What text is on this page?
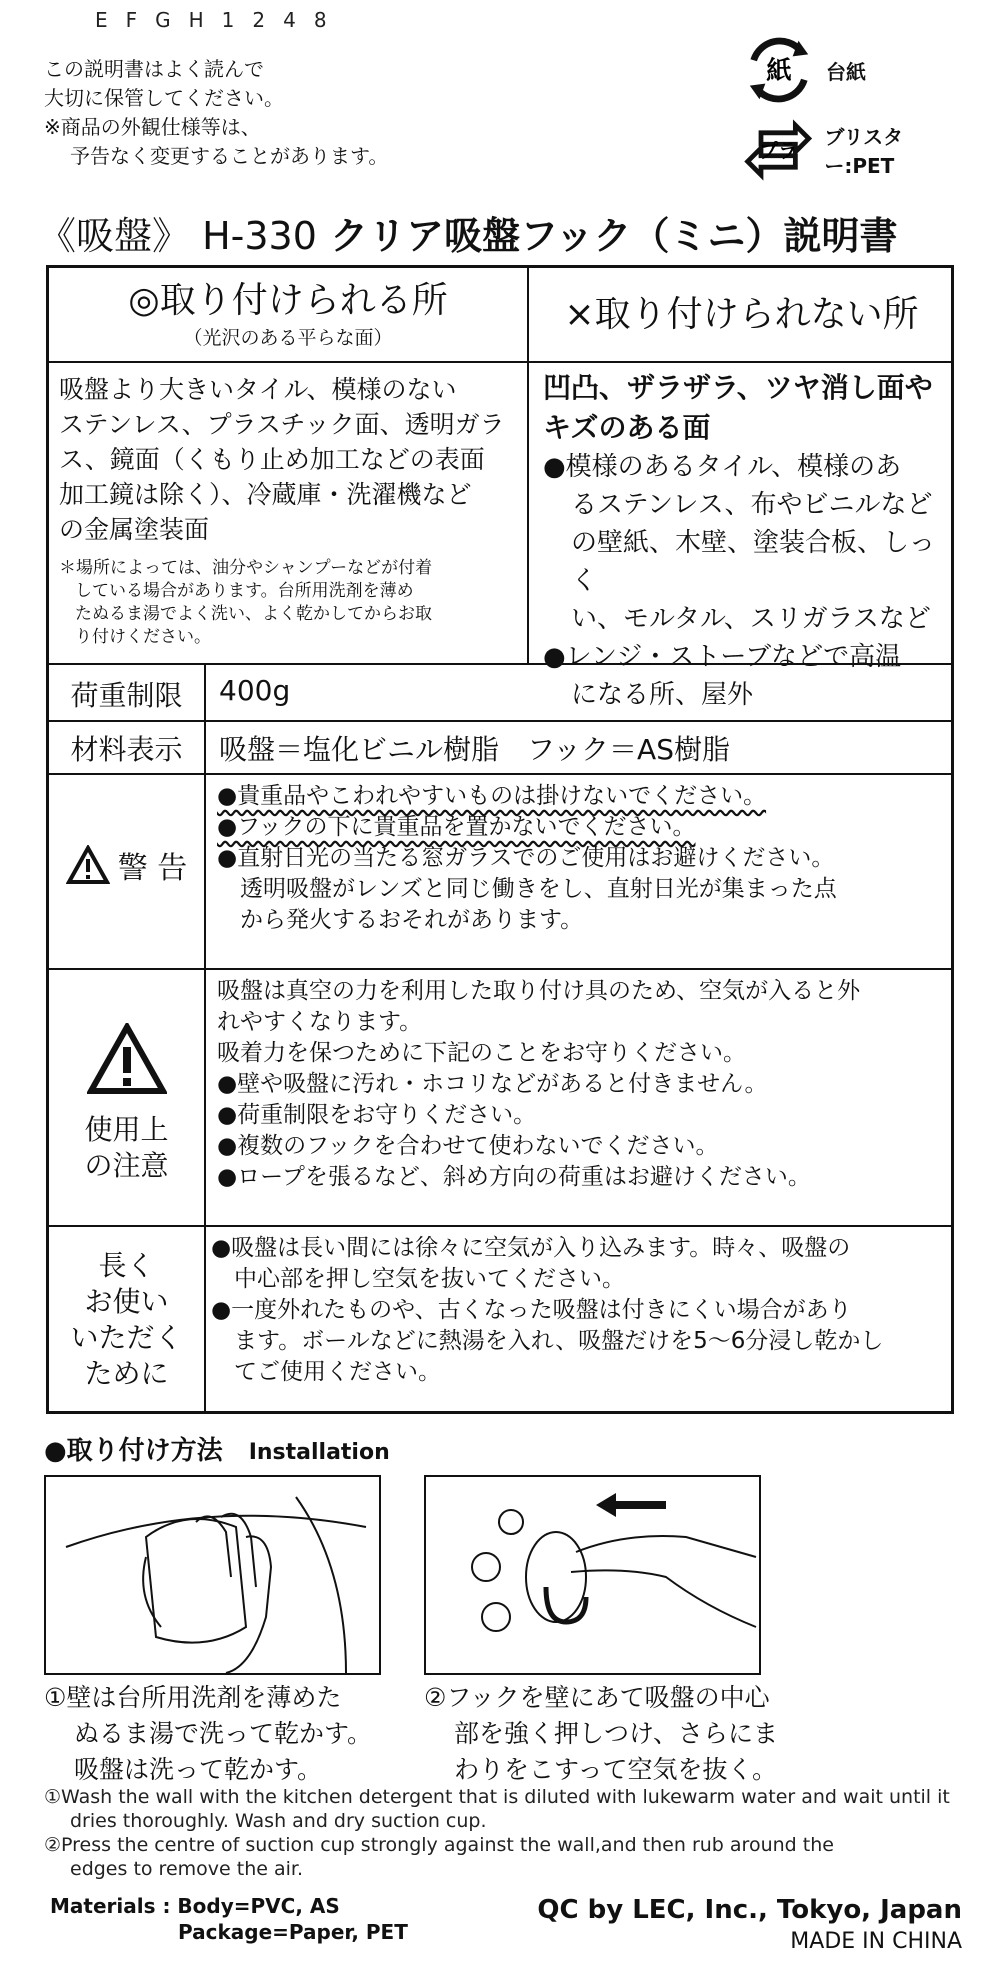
EFGH1248
この説明書はよく読んで
大切に保管してください。
※商品の外観仕様等は、
予告なく変更することがあります。
紙 台紙
プラ
ブリスター:PET
《吸盤》 H-330 クリア吸盤フック（ミニ）説明書
◎取り付けられる所
（光沢のある平らな面）
吸盤より大きいタイル、模様のない
ステンレス、プラスチック面、透明ガラ
ス、鏡面（くもり止め加工などの表面
加工鏡は除く）、冷蔵庫・洗濯機など
の金属塗装面
＊場所によっては、油分やシャンプーなどが付着
している場合があります。台所用洗剤を薄め
たぬるま湯でよく洗い、よく乾かしてからお取
り付けください。
×取り付けられない所
凹凸、ザラザラ、ツヤ消し面や
キズのある面
●模様のあるタイル、模様のあ
るステンレス、布やビニルなど
の壁紙、木壁、塗装合板、しっく
い、モルタル、スリガラスなど
●レンジ・ストーブなどで高温
になる所、屋外
荷重制限	400g
材料表示	吸盤＝塩化ビニル樹脂　フック＝AS樹脂
警 告
●貴重品やこわれやすいものは掛けないでください。
●フックの下に貴重品を置かないでください。
●直射日光の当たる窓ガラスでのご使用はお避けください。
　透明吸盤がレンズと同じ働きをし、直射日光が集まった点
　から発火するおそれがあります。
使用上
の注意
吸盤は真空の力を利用した取り付け具のため、空気が入ると外
れやすくなります。
吸着力を保つために下記のことをお守りください。
●壁や吸盤に汚れ・ホコリなどがあると付きません。
●荷重制限をお守りください。
●複数のフックを合わせて使わないでください。
●ロープを張るなど、斜め方向の荷重はお避けください。
長く
お使い
いただく
ために
●吸盤は長い間には徐々に空気が入り込みます。時々、吸盤の
　中心部を押し空気を抜いてください。
●一度外れたものや、古くなった吸盤は付きにくい場合があり
　ます。ボールなどに熱湯を入れ、吸盤だけを5〜6分浸し乾かし
　てご使用ください。
●取り付け方法 Installation
①壁は台所用洗剤を薄めた
ぬるま湯で洗って乾かす。
吸盤は洗って乾かす。
②フックを壁にあて吸盤の中心
部を強く押しつけ、さらにま
わりをこすって空気を抜く。
①Wash the wall with the kitchen detergent that is diluted with lukewarm water and wait until it
dries thoroughly. Wash and dry suction cup.
②Press the centre of suction cup strongly against the wall,and then rub around the
edges to remove the air.
Materials : Body=PVC, AS
Package=Paper, PET
QC by LEC, Inc., Tokyo, Japan
MADE IN CHINA
